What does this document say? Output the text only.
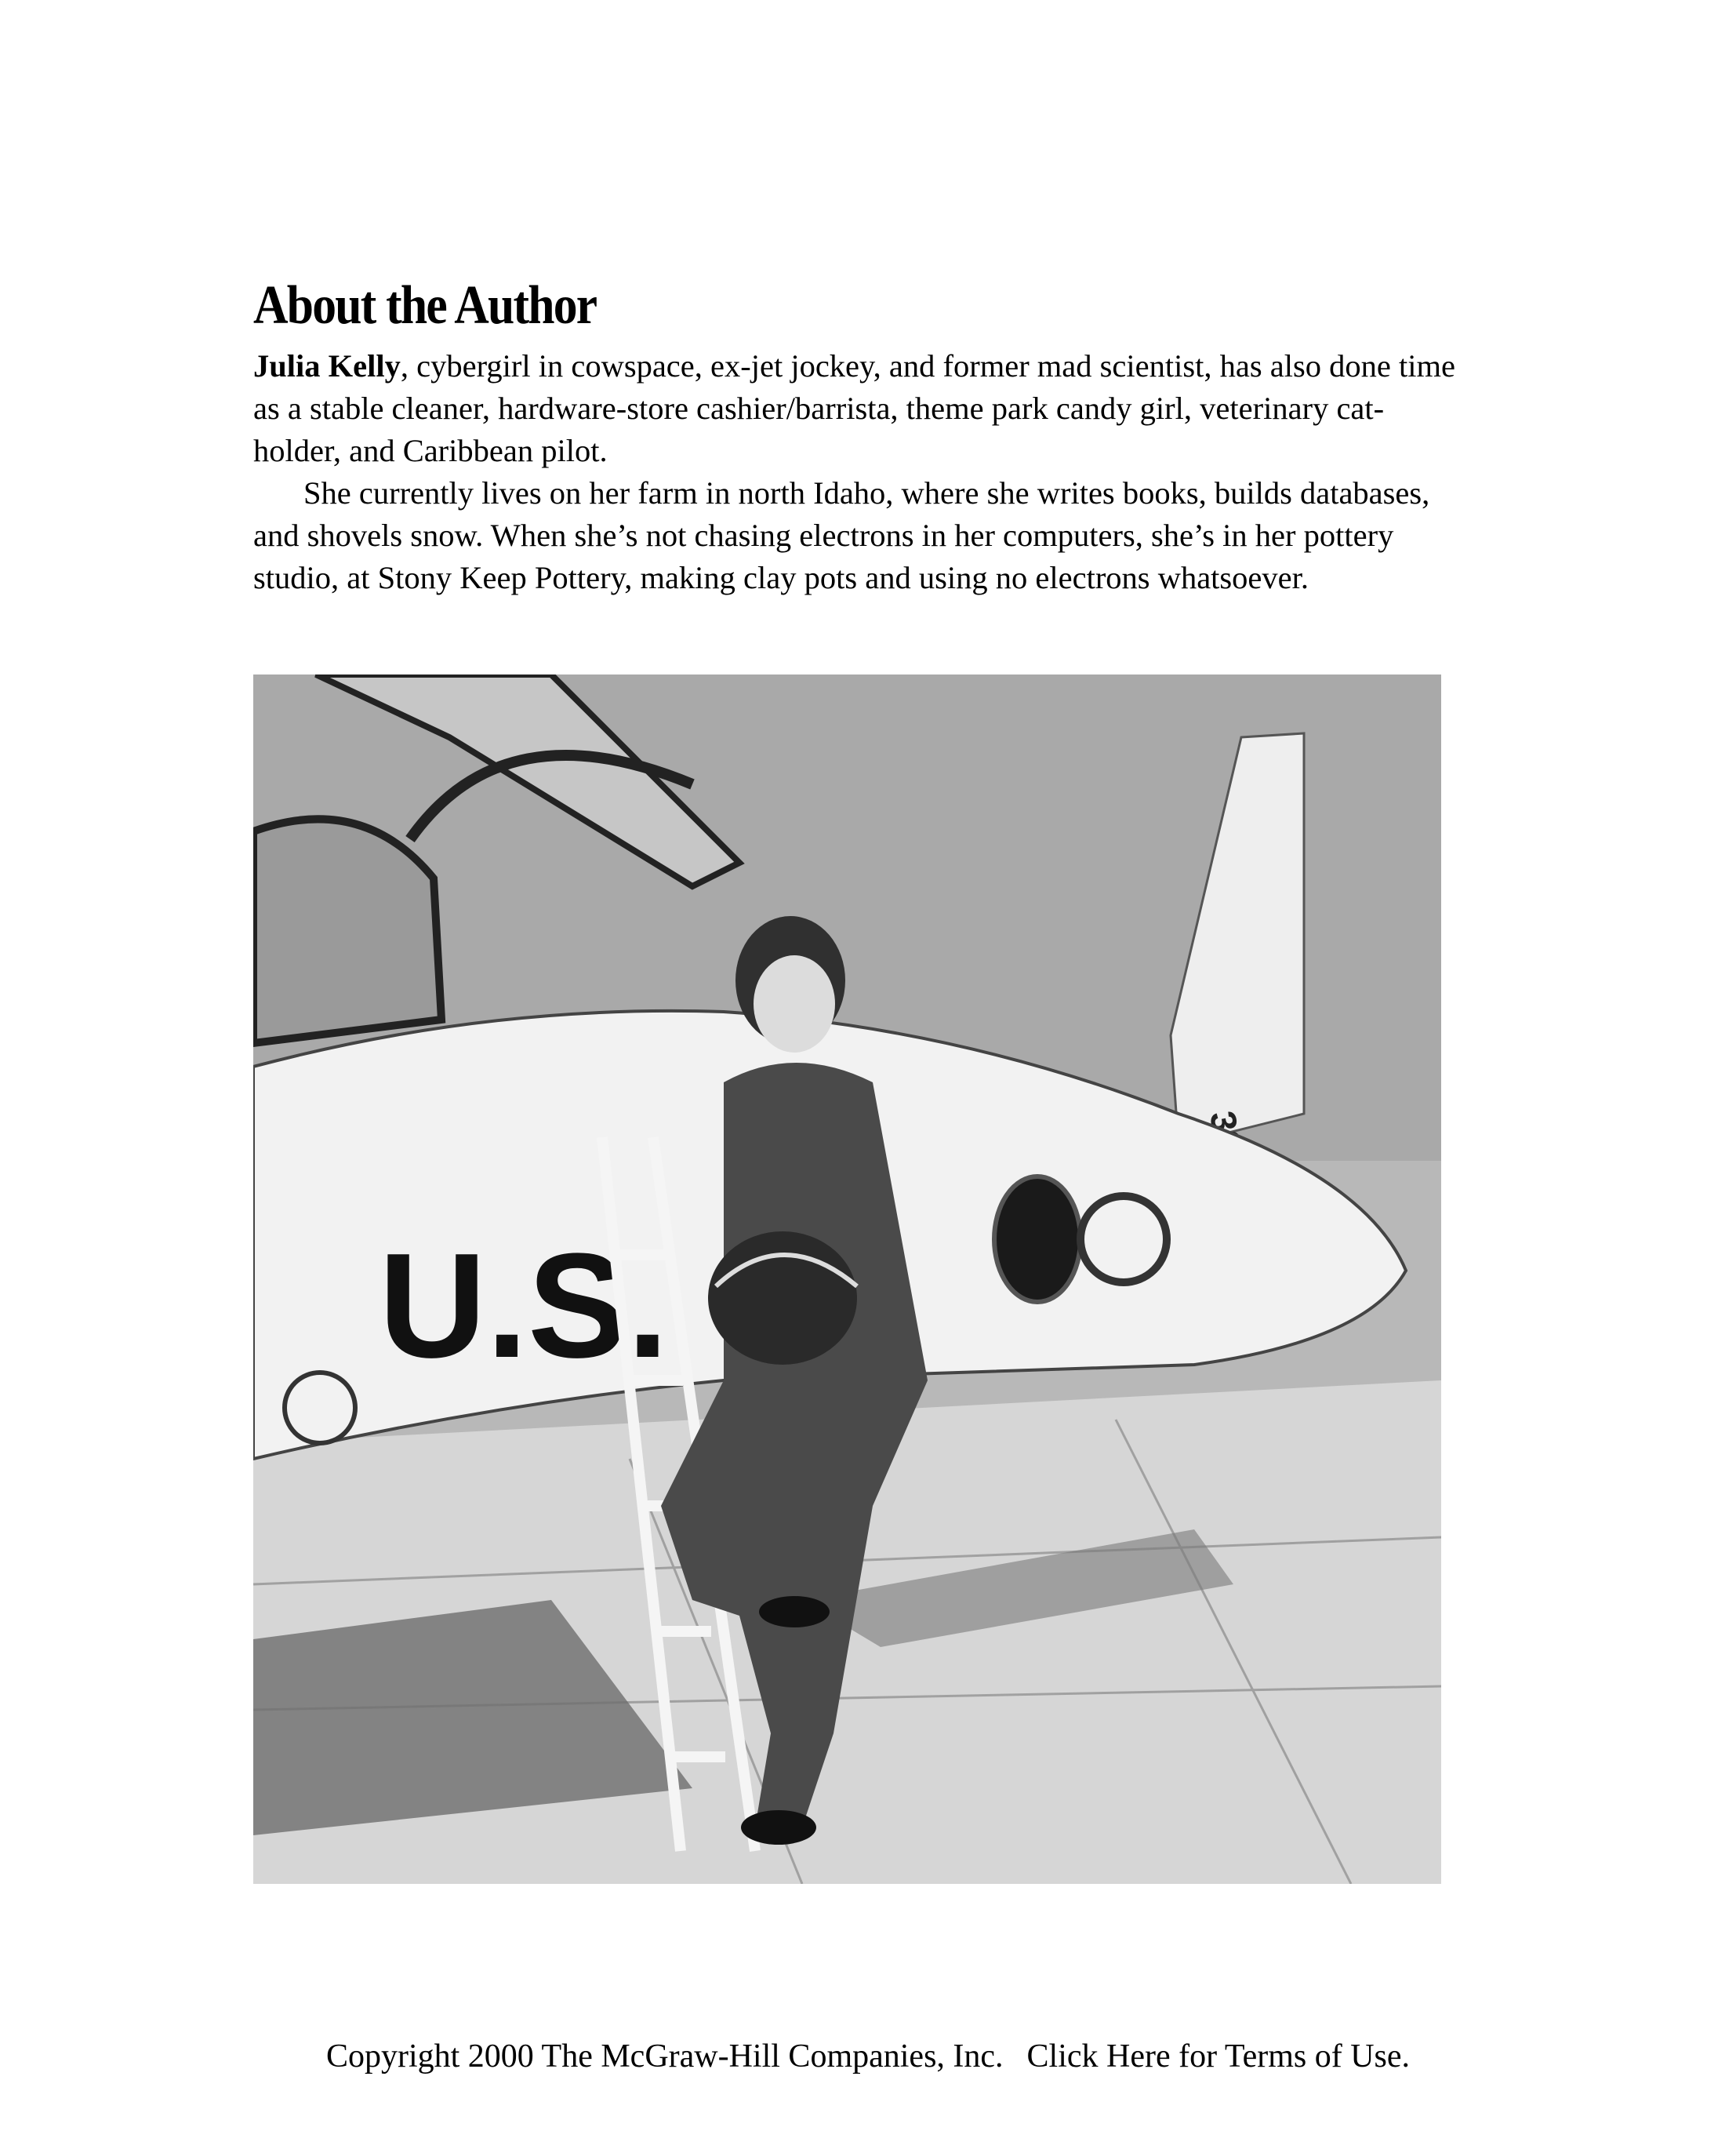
About the Author

Julia Kelly, cybergirl in cowspace, ex-jet jockey, and former mad scientist, has also done time as a stable cleaner, hardware-store cashier/barrista, theme park candy girl, veterinary cat-holder, and Caribbean pilot.

She currently lives on her farm in north Idaho, where she writes books, builds databases, and shovels snow. When she’s not chasing electrons in her computers, she’s in her pottery studio, at Stony Keep Pottery, making clay pots and using no electrons whatsoever.

U.S.
Copyright 2000 The McGraw-Hill Companies, Inc. Click Here for Terms of Use.
